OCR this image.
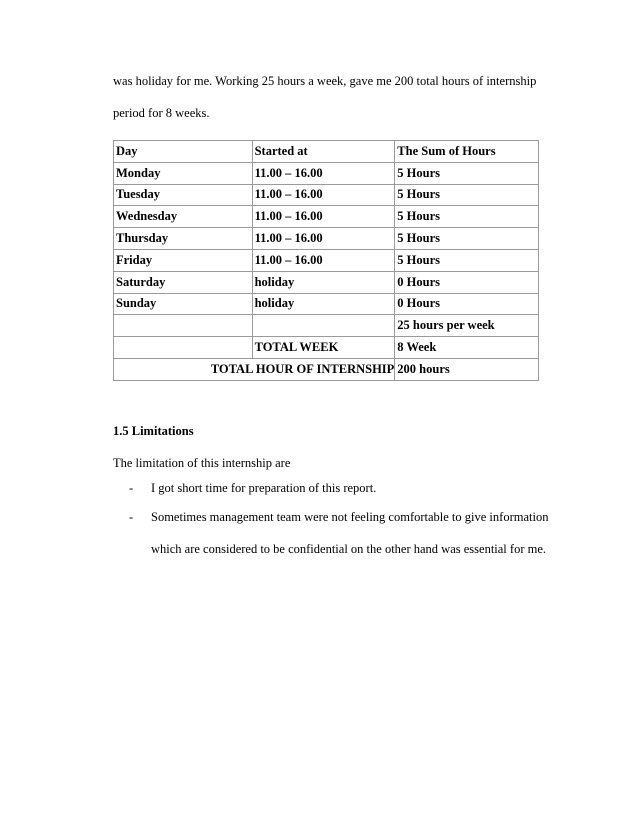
was holiday for me. Working 25 hours a week, gave me 200 total hours of internship

period for 8 weeks.

Day	Started at	The Sum of Hours
Monday	11.00 – 16.00	5 Hours
Tuesday	11.00 – 16.00	5 Hours
Wednesday	11.00 – 16.00	5 Hours
Thursday	11.00 – 16.00	5 Hours
Friday	11.00 – 16.00	5 Hours
Saturday	holiday	0 Hours
Sunday	holiday	0 Hours
		25 hours per week
	TOTAL WEEK	8 Week
TOTAL HOUR OF INTERNSHIP		200 hours

1.5 Limitations

The limitation of this internship are

- I got short time for preparation of this report.

- Sometimes management team were not feeling comfortable to give information

which are considered to be confidential on the other hand was essential for me.
